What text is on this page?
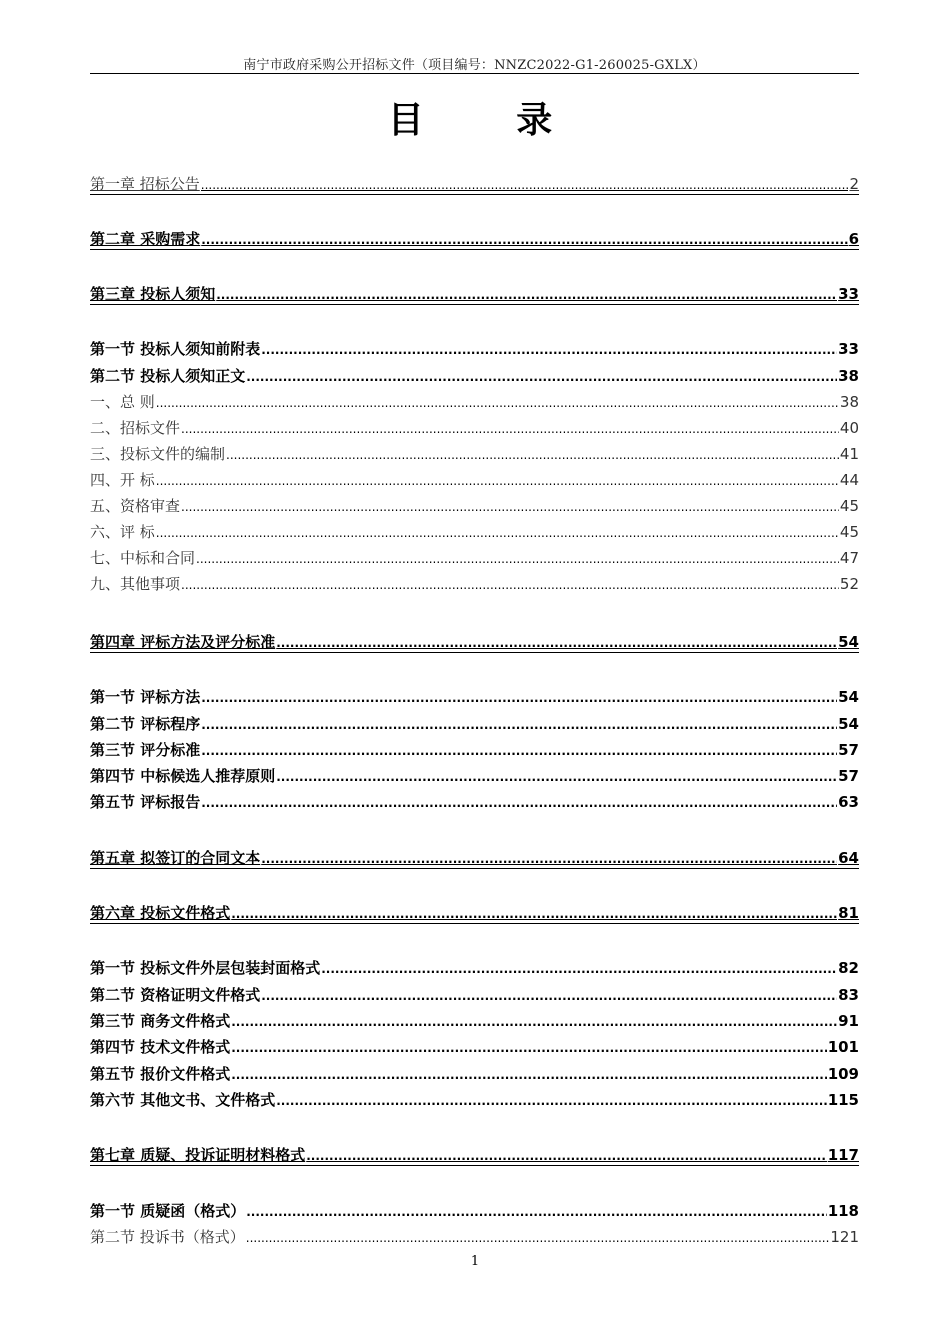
南宁市政府采购公开招标文件（项目编号：NNZC2022-G1-260025-GXLX）
目 录
第一章 招标公告 .....	2
第二章 采购需求 .....	6
第三章 投标人须知 .....	33
第一节 投标人须知前附表 .....	33
第二节 投标人须知正文 .....	38
一、总 则 .....	38
二、招标文件 .....	40
三、投标文件的编制 .....	41
四、开 标 .....	44
五、资格审查 .....	45
六、评 标 .....	45
七、中标和合同 .....	47
九、其他事项 .....	52
第四章 评标方法及评分标准 .....	54
第一节 评标方法 .....	54
第二节 评标程序 .....	54
第三节 评分标准 .....	57
第四节 中标候选人推荐原则 .....	57
第五节 评标报告 .....	63
第五章 拟签订的合同文本 .....	64
第六章 投标文件格式 .....	81
第一节 投标文件外层包装封面格式 .....	82
第二节 资格证明文件格式 .....	83
第三节 商务文件格式 .....	91
第四节 技术文件格式 .....	101
第五节 报价文件格式 .....	109
第六节 其他文书、文件格式 .....	115
第七章 质疑、投诉证明材料格式 .....	117
第一节 质疑函（格式） .....	118
第二节 投诉书（格式） .....	121
1
